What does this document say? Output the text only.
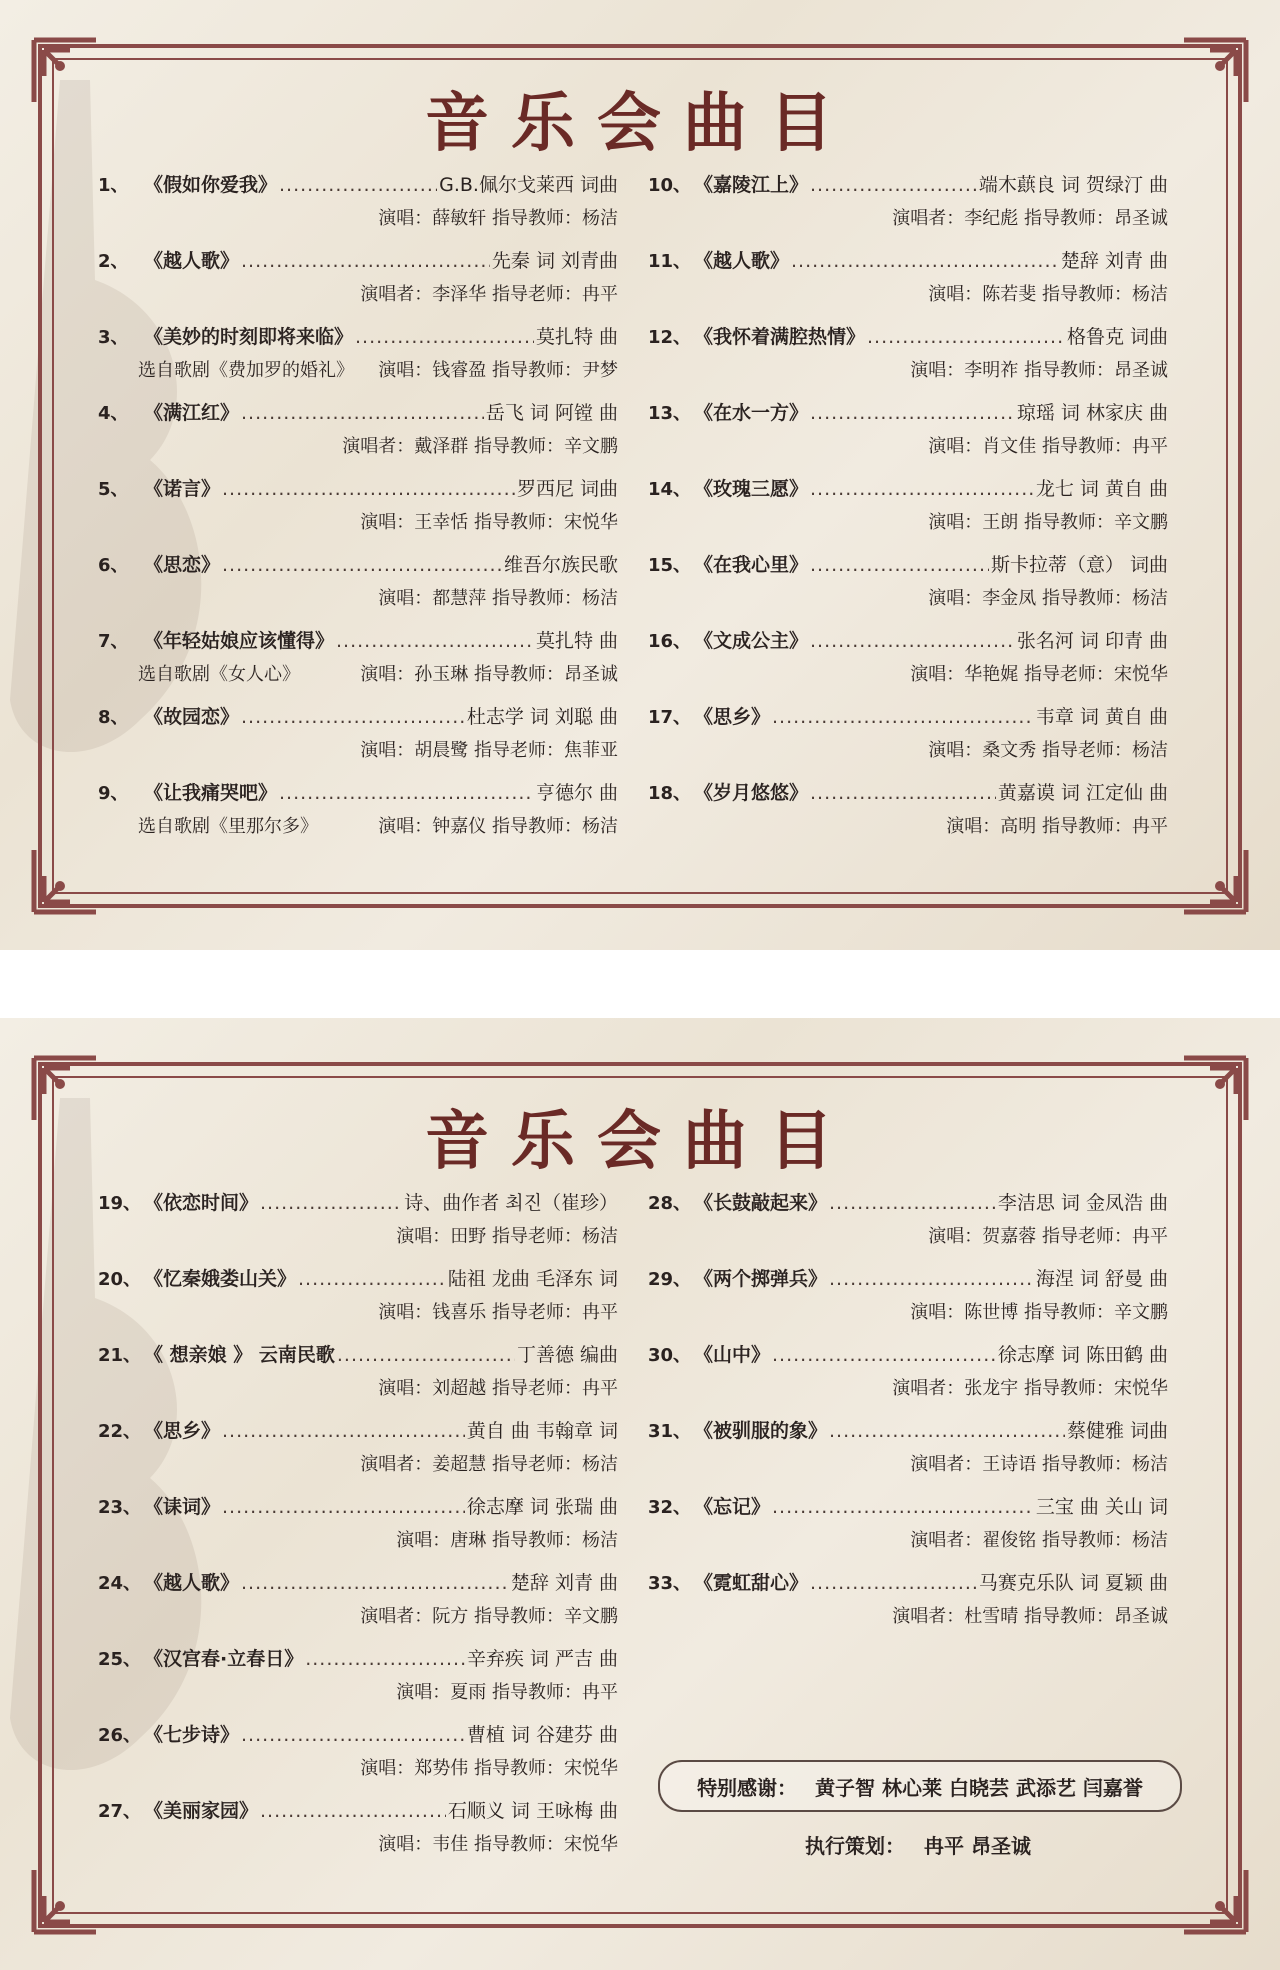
音乐会曲目
1、 《假如你爱我》 .....	G.B.佩尔戈莱西 词曲
演唱：薛敏轩 指导教师：杨洁
2、 《越人歌》 .....	先秦 词 刘青曲
演唱者：李泽华 指导老师：冉平
3、 《美妙的时刻即将来临》 .....	莫扎特 曲
选自歌剧《费加罗的婚礼》	演唱：钱睿盈 指导教师：尹梦
4、 《满江红》 .....	岳飞 词 阿镗 曲
演唱者：戴泽群 指导教师：辛文鹏
5、 《诺言》 .....	罗西尼 词曲
演唱：王幸恬 指导教师：宋悦华
6、 《思恋》 .....	维吾尔族民歌
演唱：都慧萍 指导教师：杨洁
7、 《年轻姑娘应该懂得》 .....	莫扎特 曲
选自歌剧《女人心》	演唱：孙玉琳 指导教师：昂圣诚
8、 《故园恋》 .....	杜志学 词 刘聪 曲
演唱：胡晨鹭 指导老师：焦菲亚
9、 《让我痛哭吧》 .....	亨德尔 曲
选自歌剧《里那尔多》	演唱：钟嘉仪 指导教师：杨洁
10、 《嘉陵江上》 .....	端木蕻良 词 贺绿汀 曲
演唱者：李纪彪 指导教师：昂圣诚
11、 《越人歌》 .....	楚辞 刘青 曲
演唱：陈若斐 指导教师：杨洁
12、 《我怀着满腔热情》 .....	格鲁克 词曲
演唱：李明祚 指导教师：昂圣诚
13、 《在水一方》 .....	琼瑶 词 林家庆 曲
演唱：肖文佳 指导教师：冉平
14、 《玫瑰三愿》 .....	龙七 词 黄自 曲
演唱：王朗 指导教师：辛文鹏
15、 《在我心里》 .....	斯卡拉蒂（意） 词曲
演唱：李金凤 指导教师：杨洁
16、 《文成公主》 .....	张名河 词 印青 曲
演唱：华艳娓 指导老师：宋悦华
17、 《思乡》 .....	韦章 词 黄自 曲
演唱：桑文秀 指导老师：杨洁
18、 《岁月悠悠》 .....	黄嘉谟 词 江定仙 曲
演唱：高明 指导教师：冉平
音乐会曲目
19、 《依恋时间》 .....	诗、曲作者 최진（崔珍）
演唱：田野 指导老师：杨洁
20、 《忆秦娥娄山关》 .....	陆祖 龙曲 毛泽东 词
演唱：钱喜乐 指导老师：冉平
21、 《 想亲娘 》 云南民歌 .....	丁善德 编曲
演唱：刘超越 指导老师：冉平
22、 《思乡》 .....	黄自 曲 韦翰章 词
演唱者：姜超慧 指导老师：杨洁
23、 《诔词》 .....	徐志摩 词 张瑞 曲
演唱：唐琳 指导教师：杨洁
24、 《越人歌》 .....	楚辞 刘青 曲
演唱者：阮方 指导教师：辛文鹏
25、 《汉宫春·立春日》 .....	辛弃疾 词 严吉 曲
演唱：夏雨 指导教师：冉平
26、 《七步诗》 .....	曹植 词 谷建芬 曲
演唱：郑势伟 指导教师：宋悦华
27、 《美丽家园》 .....	石顺义 词 王咏梅 曲
演唱：韦佳 指导教师：宋悦华
28、 《长鼓敲起来》 .....	李洁思 词 金凤浩 曲
演唱：贺嘉蓉 指导老师：冉平
29、 《两个掷弹兵》 .....	海涅 词 舒曼 曲
演唱：陈世博 指导教师：辛文鹏
30、 《山中》 .....	徐志摩 词 陈田鹤 曲
演唱者：张龙宇 指导教师：宋悦华
31、 《被驯服的象》 .....	蔡健雅 词曲
演唱者：王诗语 指导教师：杨洁
32、 《忘记》 .....	三宝 曲 关山 词
演唱者：翟俊铭 指导教师：杨洁
33、 《霓虹甜心》 .....	马赛克乐队 词 夏颖 曲
演唱者：杜雪晴 指导教师：昂圣诚
特别感谢： 黄子智 林心莱 白晓芸 武添艺 闫嘉誉
执行策划： 冉平 昂圣诚
